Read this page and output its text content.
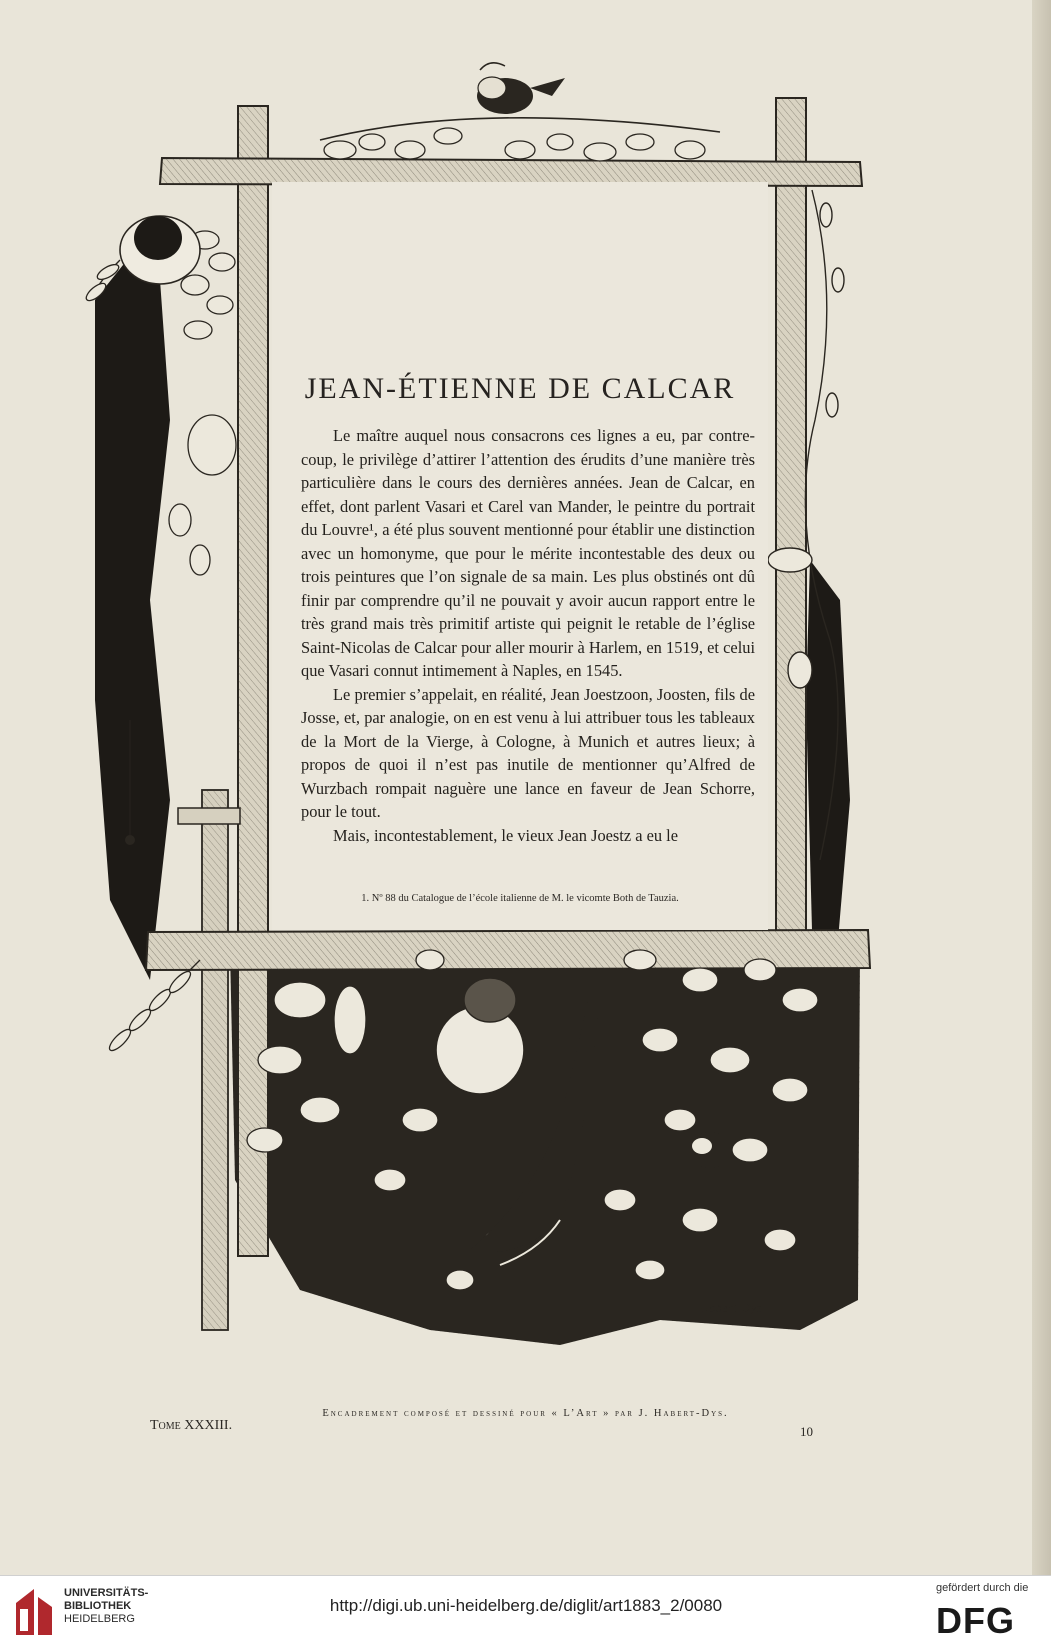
Habert-Dys
JEAN-ÉTIENNE DE CALCAR

Le maître auquel nous consacrons ces lignes a eu, par contre-coup, le privilège d’attirer l’attention des érudits d’une manière très particulière dans le cours des dernières années. Jean de Calcar, en effet, dont parlent Vasari et Carel van Mander, le peintre du portrait du Louvre¹, a été plus souvent mentionné pour établir une distinction avec un homonyme, que pour le mérite incontestable des deux ou trois peintures que l’on signale de sa main. Les plus obstinés ont dû finir par comprendre qu’il ne pouvait y avoir aucun rapport entre le très grand mais très primitif artiste qui peignit le retable de l’église Saint-Nicolas de Calcar pour aller mourir à Harlem, en 1519, et celui que Vasari connut intimement à Naples, en 1545.

Le premier s’appelait, en réalité, Jean Joestzoon, Joosten, fils de Josse, et, par analogie, on en est venu à lui attribuer tous les tableaux de la Mort de la Vierge, à Cologne, à Munich et autres lieux; à propos de quoi il n’est pas inutile de mentionner qu’Alfred de Wurzbach rompait naguère une lance en faveur de Jean Schorre, pour le tout.

Mais, incontestablement, le vieux Jean Joestz a eu le

1. Nº 88 du Catalogue de l’école italienne de M. le vicomte Both de Tauzia.
Encadrement composé et dessiné pour « L’Art » par J. Habert-Dys.
Tome XXXIII.	10
UNIVERSITÄTS-
BIBLIOTHEK
HEIDELBERG
http://digi.ub.uni-heidelberg.de/diglit/art1883_2/0080
gefördert durch die
DFG
